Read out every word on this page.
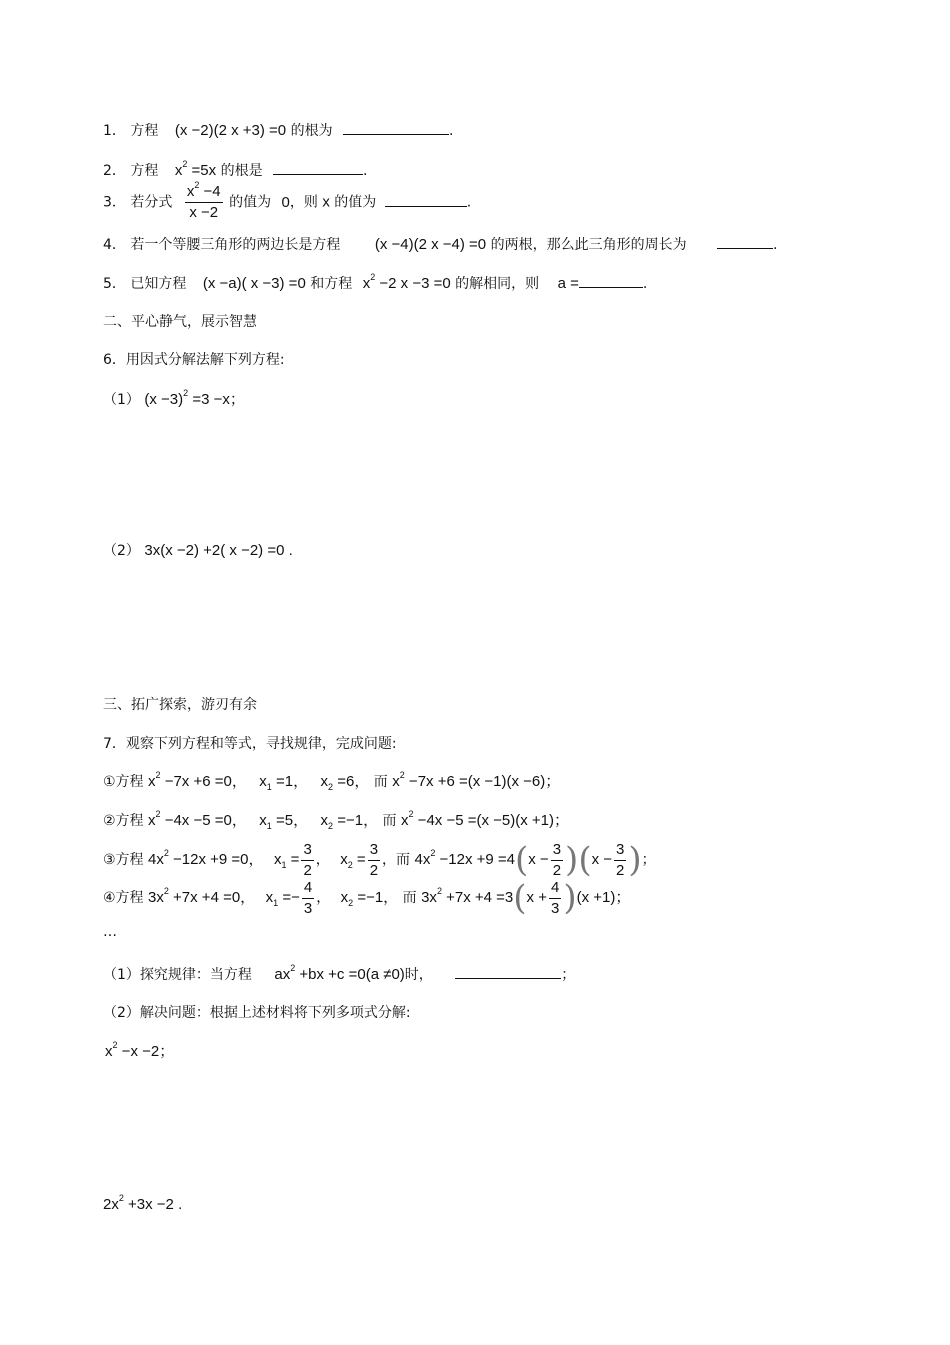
1． 方程 (x −2)(2 x +3) =0 的根为	.
2． 方程 $x^2 =5x$ 的根是	.
3． 若分式 $\frac{x^2 -4}{x -2}$ 的值为 0，则 x 的值为	.
4． 若一个等腰三角形的两边长是方程 (x −4)(2 x −4) =0 的两根，那么此三角形的周长为	.
5． 已知方程 (x −a)( x −3) =0 和方程 $x^2 -2$ x −3 =0 的解相同，则 a =	.
二、平心静气，展示智慧
6．用因式分解法解下列方程:
（1） $(x -3)^2 =3 -x$；
（2） 3x(x −2) +2( x −2) =0 .
三、拓广探索，游刃有余
7．观察下列方程和等式，寻找规律，完成问题:
①方程 $x^2 -7x +6 =0$， $x_1 =1$， $x_2 =6$， 而 $x^2 -7x +6 =(x -1)(x -6)$；
②方程 $x^2 -4x -5 =0$， $x_1 =5$， $x_2 =-1$， 而 $x^2 -4x -5 =(x -5)(x +1)$；
③方程 $4x^2 -12x +9 =0$， $x_1 = \frac{3}{2}$ ， $x_2 = \frac{3}{2}$ ，而 $4x^2 -12x +9 =4(x - \frac{3}{2} )(x - \frac{3}{2}$ )；
④方程 $3x^2 +7x +4 =0$， $x_1 =- \frac{4}{3}$ ， $x_2 =-1$， 而 $3x^2 +7x +4 =3(x + \frac{4}{3} )(x +1)$；
…
（1）探究规律：当方程 $ax^2 +bx +c =0(a \ne 0)$时，	；
（2）解决问题：根据上述材料将下列多项式分解:
$x^2 -x -2$；
$2x^2 +3x -2$ .
